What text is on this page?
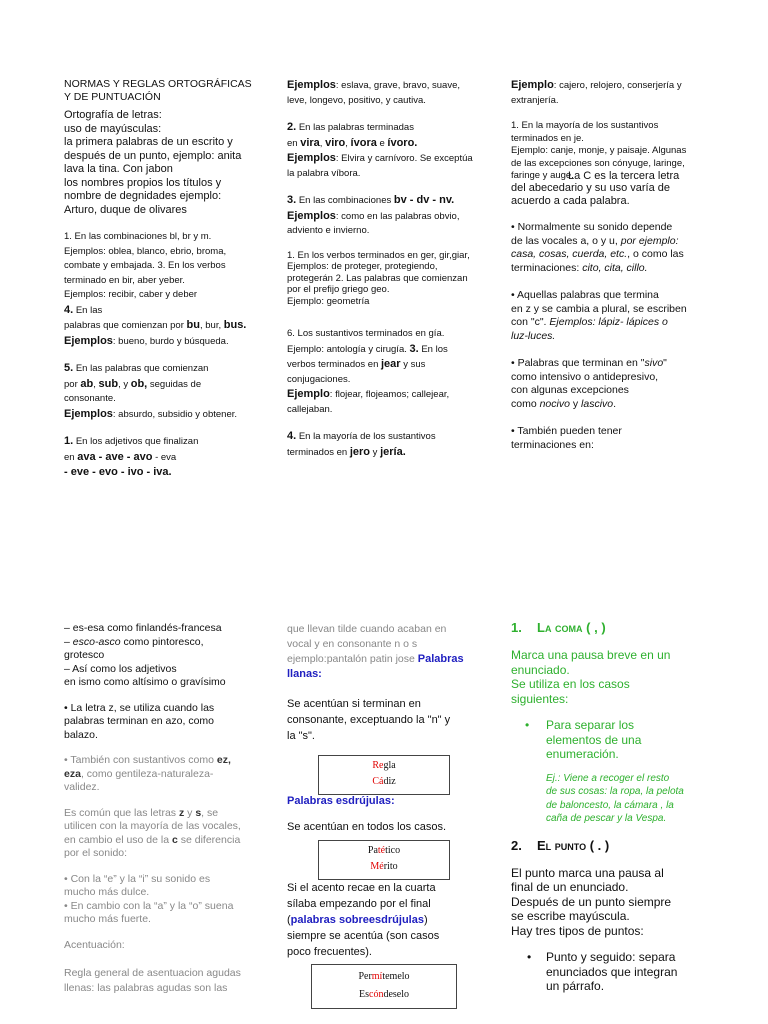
NORMAS Y REGLAS ORTOGRÁFICAS Y DE PUNTUACIÓN
Ortografía de letras:
uso de mayúsculas:
la primera palabras de un escrito y
después de un punto, ejemplo: anita
lava la tina. Con jabon
los nombres propios los títulos y
nombre de degnidades ejemplo:
Arturo, duque de olivares
1. En las combinaciones bl, br y m.
Ejemplos: oblea, blanco, ebrio, broma,
combate y embajada. 3. En los verbos
terminado en bir, aber yeber.
Ejemplos: recibir, caber y deber
4. En las
palabras que comienzan por bu, bur, bus.
Ejemplos: bueno, burdo y búsqueda.
5. En las palabras que comienzan
por ab, sub, y ob, seguidas de
consonante.
Ejemplos: absurdo, subsidio y obtener.
1. En los adjetivos que finalizan
en ava - ave - avo - eva
- eve - evo - ivo - iva.
Ejemplos: eslava, grave, bravo, suave,
leve, longevo, positivo, y cautiva.
2. En las palabras terminadas
en vira, viro, ívora e ívoro.
Ejemplos: Elvira y carnívoro. Se exceptúa
la palabra víbora.
3. En las combinaciones bv - dv - nv.
Ejemplos: como en las palabras obvio,
adviento e invierno.
1. En los verbos terminados en ger, gir,giar,
Ejemplos: de proteger, protegiendo,
protegerán 2. Las palabras que comienzan
por el prefijo griego geo.
Ejemplo: geometría
6. Los sustantivos terminados en gía.
Ejemplo: antología y cirugía. 3. En los
verbos terminados en jear y sus
conjugaciones.
Ejemplo: flojear, flojeamos; callejear,
callejaban.
4. En la mayoría de los sustantivos
terminados en jero y jería.
Ejemplo: cajero, relojero, conserjería y
extranjería.
1. En la mayoría de los sustantivos
terminados en je.
Ejemplo: canje, monje, y paisaje. Algunas
de las excepciones son cónyuge, laringe,
faringe y auge.
La C es la tercera letra
del abecedario y su uso varía de
acuerdo a cada palabra.
• Normalmente su sonido depende
de las vocales a, o y u, por ejemplo:
casa, cosas, cuerda, etc., o como las
terminaciones: cito, cita, cillo.
• Aquellas palabras que termina
en z y se cambia a plural, se escriben
con "c". Ejemplos: lápiz- lápices o
luz-luces.
• Palabras que terminan en "sivo"
como intensivo o antidepresivo,
con algunas excepciones
como nocivo y lascivo.
• También pueden tener
terminaciones en:
– es-esa como finlandés-francesa
– esco-asco como pintoresco,
grotesco
– Así como los adjetivos
en ismo como altísimo o gravísimo
• La letra z, se utiliza cuando las
palabras terminan en azo, como
balazo.
• También con sustantivos como ez,
eza, como gentileza-naturaleza-
validez.
Es común que las letras z y s, se
utilicen con la mayoría de las vocales,
en cambio el uso de la c se diferencia
por el sonido:
• Con la “e” y la “i” su sonido es
mucho más dulce.
• En cambio con la “a” y la “o” suena
mucho más fuerte.
Acentuación:
Regla general de asentuacion agudas
llenas: las palabras agudas son las
que llevan tilde cuando acaban en
vocal y en consonante n o s
ejemplo:pantalón patin jose Palabras
llanas:
Se acentúan si terminan en
consonante, exceptuando la "n" y
la "s".
Regla
Cádiz
Palabras esdrújulas:
Se acentúan en todos los casos.
Patético
Mérito
Si el acento recae en la cuarta
sílaba empezando por el final
(palabras sobreesdrújulas)
siempre se acentúa (son casos
poco frecuentes).
Permítemelo
Escóndeselo
1. La coma ( , )
Marca una pausa breve en un
enunciado.
Se utiliza en los casos
siguientes:
• Para separar los
elementos de una
enumeración.
Ej.: Viene a recoger el resto
de sus cosas: la ropa, la pelota
de baloncesto, la cámara , la
caña de pescar y la Vespa.
2. El punto ( . )
El punto marca una pausa al
final de un enunciado.
Después de un punto siempre
se escribe mayúscula.
Hay tres tipos de puntos:
• Punto y seguido: separa
enunciados que integran
un párrafo.
